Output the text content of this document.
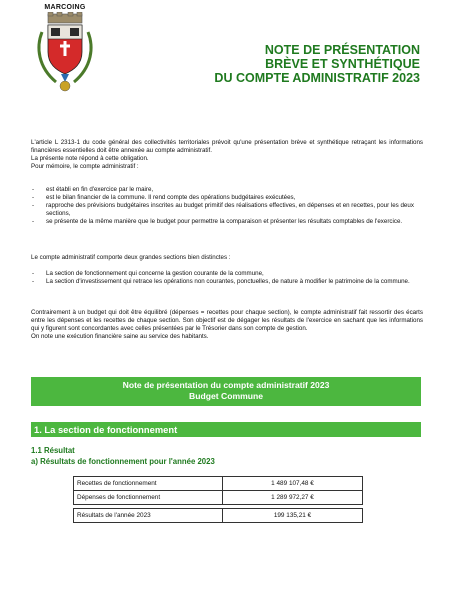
MARCOING
NOTE DE PRÉSENTATION
BRÈVE ET SYNTHÉTIQUE
DU COMPTE ADMINISTRATIF 2023

L'article L 2313-1 du code général des collectivités territoriales prévoit qu'une présentation brève et synthétique retraçant les informations financières essentielles doit être annexée au compte administratif.

La présente note répond à cette obligation.

Pour mémoire, le compte administratif :

- est établi en fin d'exercice par le maire,
- est le bilan financier de la commune. Il rend compte des opérations budgétaires exécutées,
- rapproche des prévisions budgétaires inscrites au budget primitif des réalisations effectives, en dépenses et en recettes, pour les deux sections,
- se présente de la même manière que le budget pour permettre la comparaison et présenter les résultats comptables de l'exercice.
Le compte administratif comporte deux grandes sections bien distinctes :
- La section de fonctionnement qui concerne la gestion courante de la commune,
- La section d'investissement qui retrace les opérations non courantes, ponctuelles, de nature à modifier le patrimoine de la commune.

Contrairement à un budget qui doit être équilibré (dépenses = recettes pour chaque section), le compte administratif fait ressortir des écarts entre les dépenses et les recettes de chaque section. Son objectif est de dégager les résultats de l'exercice en sachant que les informations qui y figurent sont concordantes avec celles présentées par le Trésorier dans son compte de gestion.

On note une exécution financière saine au service des habitants.

Note de présentation du compte administratif 2023
Budget Commune
1. La section de fonctionnement
1.1 Résultat
a) Résultats de fonctionnement pour l'année 2023
Recettes de fonctionnement	1 489 107,48 €
Dépenses de fonctionnement	1 289 972,27 €

Résultats de l'année 2023	199 135,21 €
